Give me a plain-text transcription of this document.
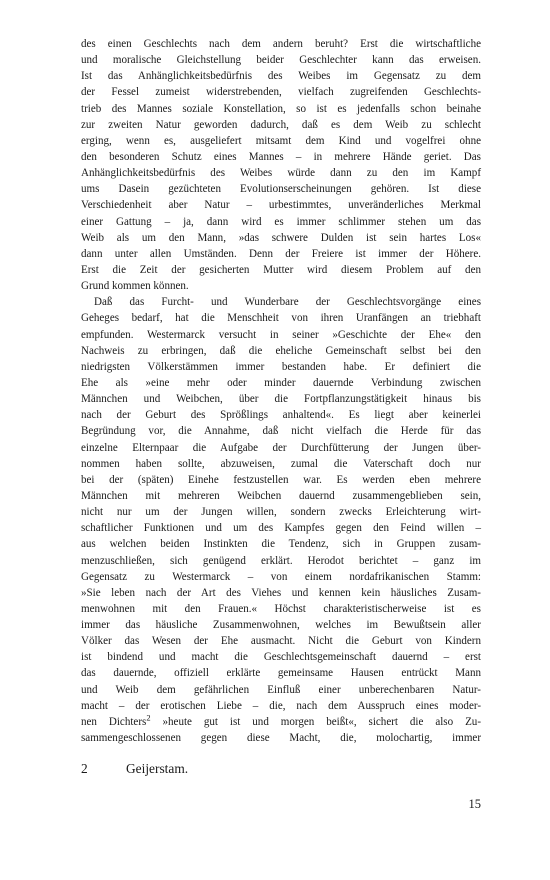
des einen Geschlechts nach dem andern beruht? Erst die wirtschaftliche
und moralische Gleichstellung beider Geschlechter kann das erweisen.
Ist das Anhänglichkeitsbedürfnis des Weibes im Gegensatz zu dem
der Fessel zumeist widerstrebenden, vielfach zugreifenden Geschlechts-
trieb des Mannes soziale Konstellation, so ist es jedenfalls schon beinahe
zur zweiten Natur geworden dadurch, daß es dem Weib zu schlecht
erging, wenn es, ausgeliefert mitsamt dem Kind und vogelfrei ohne
den besonderen Schutz eines Mannes – in mehrere Hände geriet. Das
Anhänglichkeitsbedürfnis des Weibes würde dann zu den im Kampf
ums Dasein gezüchteten Evolutionserscheinungen gehören. Ist diese
Verschiedenheit aber Natur – urbestimmtes, unveränderliches Merkmal
einer Gattung – ja, dann wird es immer schlimmer stehen um das
Weib als um den Mann, »das schwere Dulden ist sein hartes Los«
dann unter allen Umständen. Denn der Freiere ist immer der Höhere.
Erst die Zeit der gesicherten Mutter wird diesem Problem auf den
Grund kommen können.
Daß das Furcht- und Wunderbare der Geschlechtsvorgänge eines
Geheges bedarf, hat die Menschheit von ihren Uranfängen an triebhaft
empfunden. Westermarck versucht in seiner »Geschichte der Ehe« den
Nachweis zu erbringen, daß die eheliche Gemeinschaft selbst bei den
niedrigsten Völkerstämmen immer bestanden habe. Er definiert die
Ehe als »eine mehr oder minder dauernde Verbindung zwischen
Männchen und Weibchen, über die Fortpflanzungstätigkeit hinaus bis
nach der Geburt des Sprößlings anhaltend«. Es liegt aber keinerlei
Begründung vor, die Annahme, daß nicht vielfach die Herde für das
einzelne Elternpaar die Aufgabe der Durchfütterung der Jungen über-
nommen haben sollte, abzuweisen, zumal die Vaterschaft doch nur
bei der (späten) Einehe festzustellen war. Es werden eben mehrere
Männchen mit mehreren Weibchen dauernd zusammengeblieben sein,
nicht nur um der Jungen willen, sondern zwecks Erleichterung wirt-
schaftlicher Funktionen und um des Kampfes gegen den Feind willen –
aus welchen beiden Instinkten die Tendenz, sich in Gruppen zusam-
menzuschließen, sich genügend erklärt. Herodot berichtet – ganz im
Gegensatz zu Westermarck – von einem nordafrikanischen Stamm:
»Sie leben nach der Art des Viehes und kennen kein häusliches Zusam-
menwohnen mit den Frauen.« Höchst charakteristischerweise ist es
immer das häusliche Zusammenwohnen, welches im Bewußtsein aller
Völker das Wesen der Ehe ausmacht. Nicht die Geburt von Kindern
ist bindend und macht die Geschlechtsgemeinschaft dauernd – erst
das dauernde, offiziell erklärte gemeinsame Hausen entrückt Mann
und Weib dem gefährlichen Einfluß einer unberechenbaren Natur-
macht – der erotischen Liebe – die, nach dem Ausspruch eines moder-
nen Dichters$^2$ »heute gut ist und morgen beißt«, sichert die also Zu-
sammengeschlossenen gegen diese Macht, die, molochartig, immer
2	Geijerstam.
15
